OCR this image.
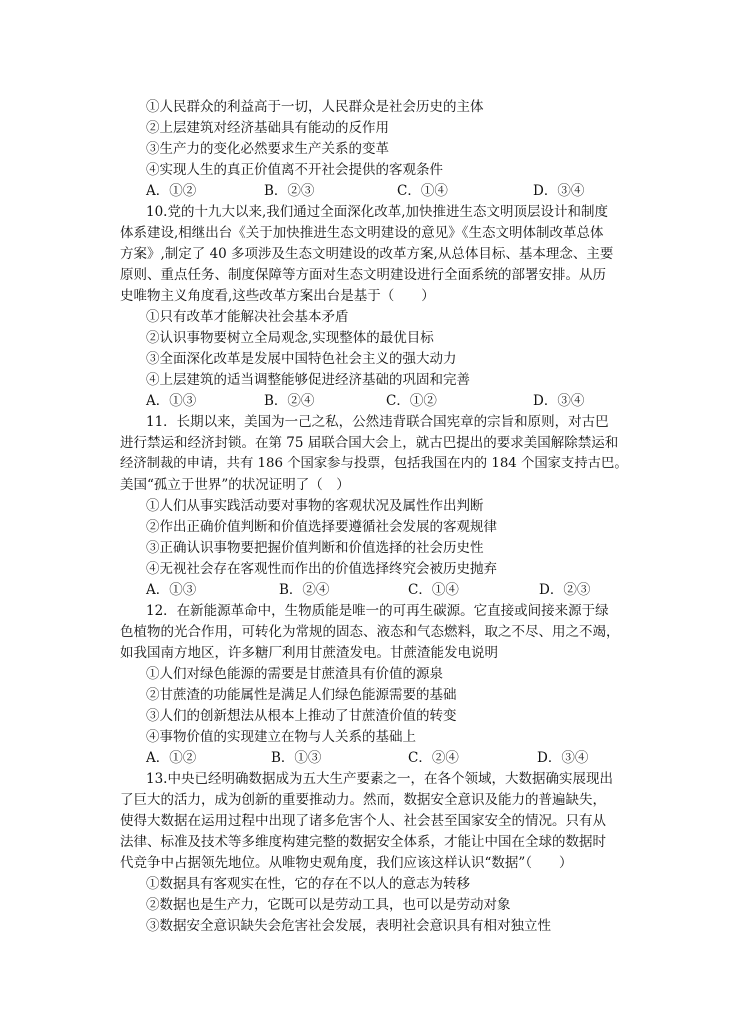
①人民群众的利益高于一切，人民群众是社会历史的主体
②上层建筑对经济基础具有能动的反作用
③生产力的变化必然要求生产关系的变革
④实现人生的真正价值离不开社会提供的客观条件
A．①②	B．②③	C．①④	D．③④
10.党的十九大以来,我们通过全面深化改革,加快推进生态文明顶层设计和制度
体系建设,相继出台《关于加快推进生态文明建设的意见》《生态文明体制改革总体
方案》,制定了 40 多项涉及生态文明建设的改革方案,从总体目标、基本理念、主要
原则、重点任务、制度保障等方面对生态文明建设进行全面系统的部署安排。从历
史唯物主义角度看,这些改革方案出台是基于（　　）
①只有改革才能解决社会基本矛盾
②认识事物要树立全局观念,实现整体的最优目标
③全面深化改革是发展中国特色社会主义的强大动力
④上层建筑的适当调整能够促进经济基础的巩固和完善
A．①③	B．②④	C．①②	D．③④
11．长期以来，美国为一己之私，公然违背联合国宪章的宗旨和原则，对古巴
进行禁运和经济封锁。在第 75 届联合国大会上，就古巴提出的要求美国解除禁运和
经济制裁的申请，共有 186 个国家参与投票，包括我国在内的 184 个国家支持古巴。
美国“孤立于世界”的状况证明了（　）
①人们从事实践活动要对事物的客观状况及属性作出判断
②作出正确价值判断和价值选择要遵循社会发展的客观规律
③正确认识事物要把握价值判断和价值选择的社会历史性
④无视社会存在客观性而作出的价值选择终究会被历史抛弃
A．①③	B．②④	C．①④	D．②③
12．在新能源革命中，生物质能是唯一的可再生碳源。它直接或间接来源于绿
色植物的光合作用，可转化为常规的固态、液态和气态燃料，取之不尽、用之不竭，
如我国南方地区，许多糖厂利用甘蔗渣发电。甘蔗渣能发电说明
①人们对绿色能源的需要是甘蔗渣具有价值的源泉
②甘蔗渣的功能属性是满足人们绿色能源需要的基础
③人们的创新想法从根本上推动了甘蔗渣价值的转变
④事物价值的实现建立在物与人关系的基础上
A．①②	B．①③	C．②④	D．③④
13.中央已经明确数据成为五大生产要素之一，在各个领域，大数据确实展现出
了巨大的活力，成为创新的重要推动力。然而，数据安全意识及能力的普遍缺失，
使得大数据在运用过程中出现了诸多危害个人、社会甚至国家安全的情况。只有从
法律、标准及技术等多维度构建完整的数据安全体系，才能让中国在全球的数据时
代竞争中占据领先地位。从唯物史观角度，我们应该这样认识“数据”（　　）
①数据具有客观实在性，它的存在不以人的意志为转移
②数据也是生产力，它既可以是劳动工具，也可以是劳动对象
③数据安全意识缺失会危害社会发展，表明社会意识具有相对独立性
